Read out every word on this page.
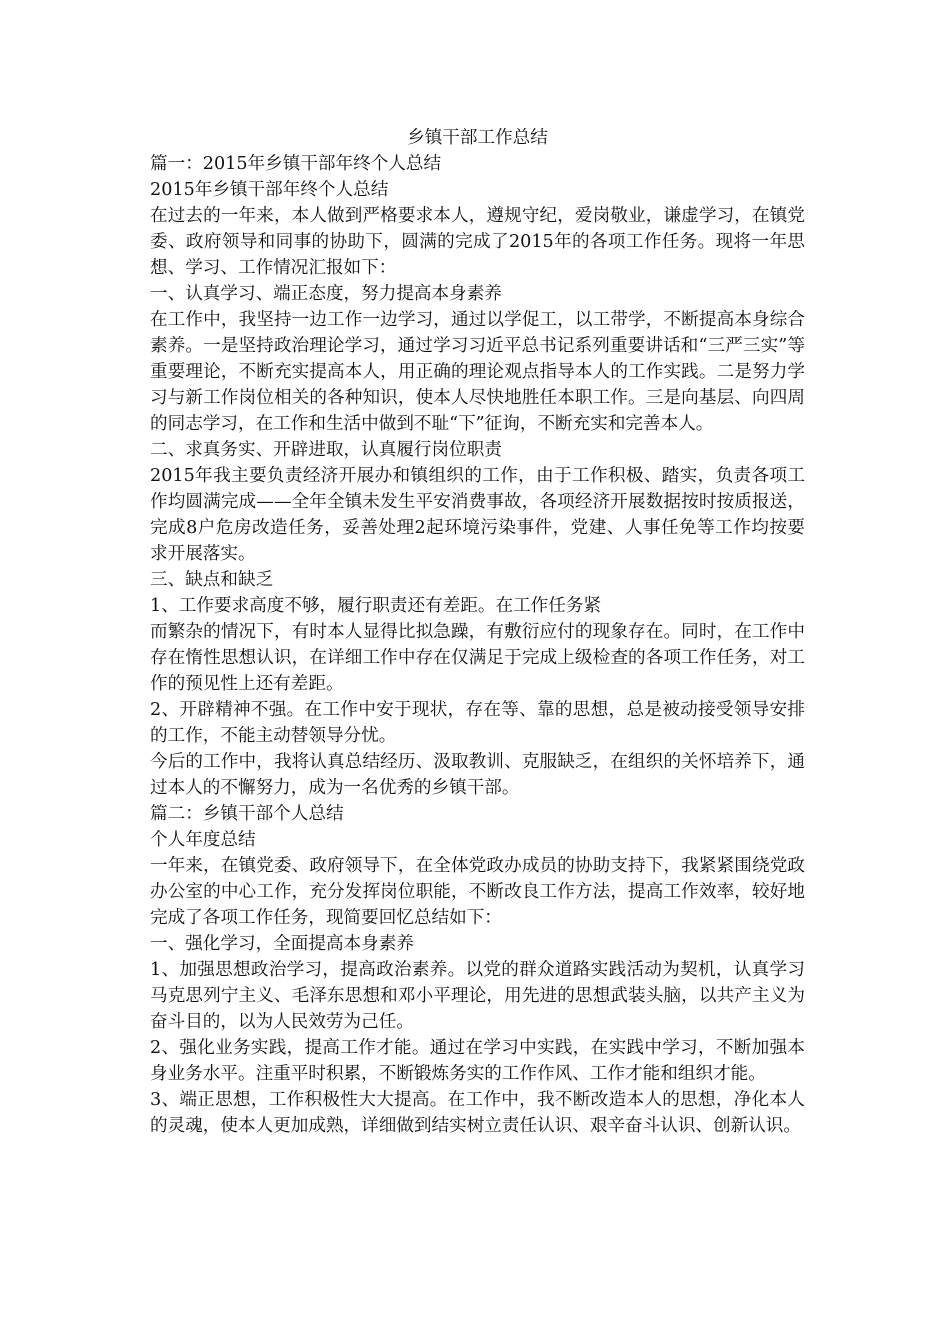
乡镇干部工作总结

篇一：2015年乡镇干部年终个人总结

2015年乡镇干部年终个人总结

在过去的一年来，本人做到严格要求本人，遵规守纪，爱岗敬业，谦虚学习，在镇党委、政府领导和同事的协助下，圆满的完成了2015年的各项工作任务。现将一年思想、学习、工作情况汇报如下：

一、认真学习、端正态度，努力提高本身素养

在工作中，我坚持一边工作一边学习，通过以学促工，以工带学，不断提高本身综合素养。一是坚持政治理论学习，通过学习习近平总书记系列重要讲话和“三严三实”等重要理论，不断充实提高本人，用正确的理论观点指导本人的工作实践。二是努力学习与新工作岗位相关的各种知识，使本人尽快地胜任本职工作。三是向基层、向四周的同志学习，在工作和生活中做到不耻“下”征询，不断充实和完善本人。

二、求真务实、开辟进取，认真履行岗位职责

2015年我主要负责经济开展办和镇组织的工作，由于工作积极、踏实，负责各项工作均圆满完成——全年全镇未发生平安消费事故，各项经济开展数据按时按质报送，完成8户危房改造任务，妥善处理2起环境污染事件，党建、人事任免等工作均按要求开展落实。

三、缺点和缺乏

1、工作要求高度不够，履行职责还有差距。在工作任务紧

而繁杂的情况下，有时本人显得比拟急躁，有敷衍应付的现象存在。同时，在工作中存在惰性思想认识，在详细工作中存在仅满足于完成上级检查的各项工作任务，对工作的预见性上还有差距。

2、开辟精神不强。在工作中安于现状，存在等、靠的思想，总是被动接受领导安排的工作，不能主动替领导分忧。

今后的工作中，我将认真总结经历、汲取教训、克服缺乏，在组织的关怀培养下，通过本人的不懈努力，成为一名优秀的乡镇干部。

篇二：乡镇干部个人总结

个人年度总结

一年来，在镇党委、政府领导下，在全体党政办成员的协助支持下，我紧紧围绕党政办公室的中心工作，充分发挥岗位职能，不断改良工作方法，提高工作效率，较好地完成了各项工作任务，现简要回忆总结如下：

一、强化学习，全面提高本身素养

1、加强思想政治学习，提高政治素养。以党的群众道路实践活动为契机，认真学习马克思列宁主义、毛泽东思想和邓小平理论，用先进的思想武装头脑，以共产主义为奋斗目的，以为人民效劳为己任。

2、强化业务实践，提高工作才能。通过在学习中实践，在实践中学习，不断加强本身业务水平。注重平时积累，不断锻炼务实的工作作风、工作才能和组织才能。

3、端正思想，工作积极性大大提高。在工作中，我不断改造本人的思想，净化本人的灵魂，使本人更加成熟，详细做到结实树立责任认识、艰辛奋斗认识、创新认识。
